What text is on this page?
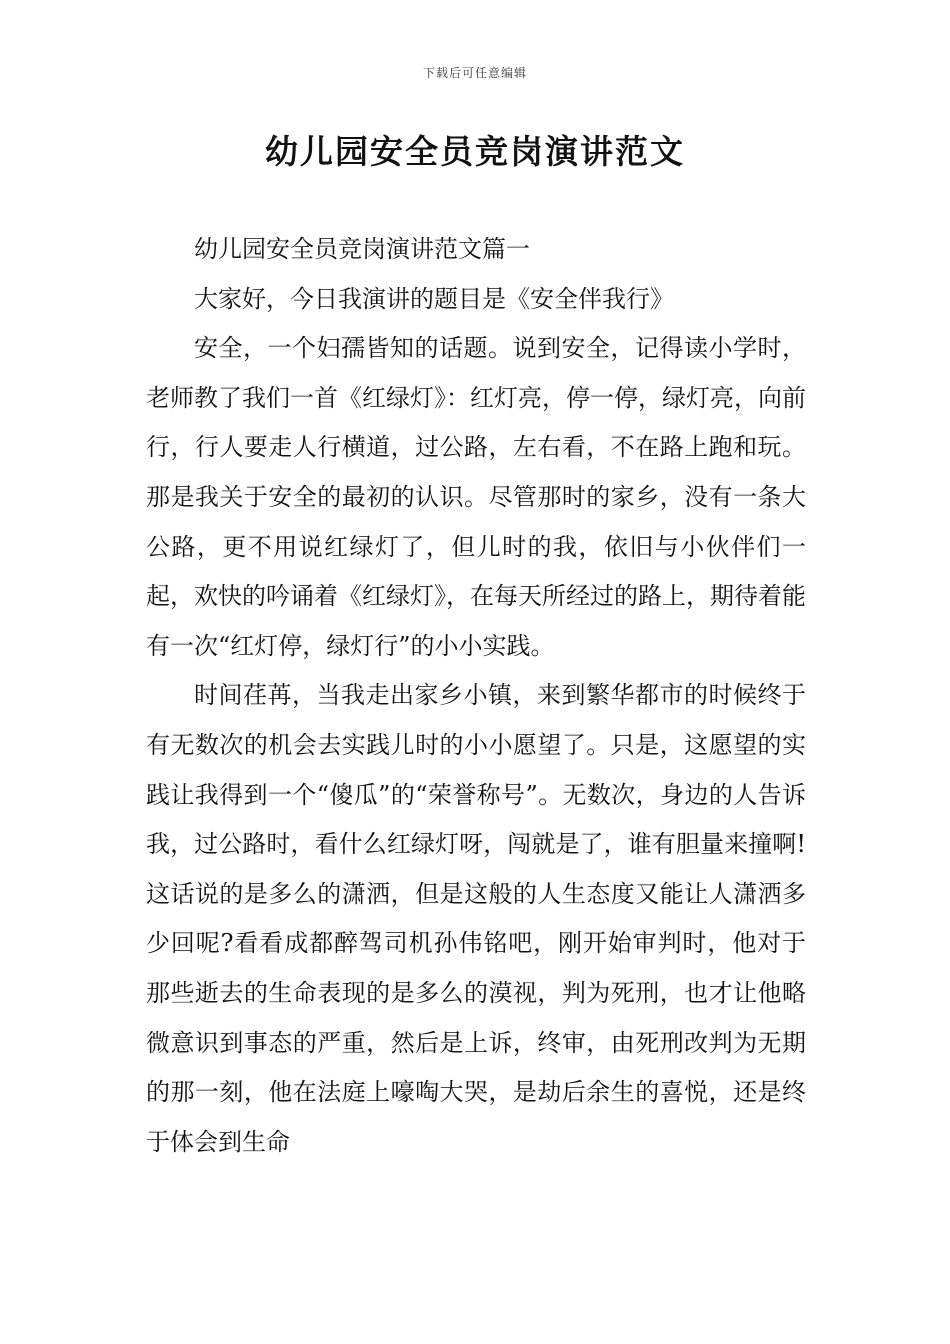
下载后可任意编辑
幼儿园安全员竞岗演讲范文

幼儿园安全员竞岗演讲范文篇一

大家好，今日我演讲的题目是《安全伴我行》

安全，一个妇孺皆知的话题。说到安全，记得读小学时，老师教了我们一首《红绿灯》：红灯亮，停一停，绿灯亮，向前行，行人要走人行横道，过公路，左右看，不在路上跑和玩。那是我关于安全的最初的认识。尽管那时的家乡，没有一条大公路，更不用说红绿灯了，但儿时的我，依旧与小伙伴们一起，欢快的吟诵着《红绿灯》，在每天所经过的路上，期待着能有一次“红灯停，绿灯行”的小小实践。

时间荏苒，当我走出家乡小镇，来到繁华都市的时候终于有无数次的机会去实践儿时的小小愿望了。只是，这愿望的实践让我得到一个“傻瓜”的“荣誉称号”。无数次，身边的人告诉我，过公路时，看什么红绿灯呀，闯就是了，谁有胆量来撞啊!这话说的是多么的潇洒，但是这般的人生态度又能让人潇洒多少回呢?看看成都醉驾司机孙伟铭吧，刚开始审判时，他对于那些逝去的生命表现的是多么的漠视，判为死刑，也才让他略微意识到事态的严重，然后是上诉，终审，由死刑改判为无期的那一刻，他在法庭上嚎啕大哭，是劫后余生的喜悦，还是终于体会到生命
